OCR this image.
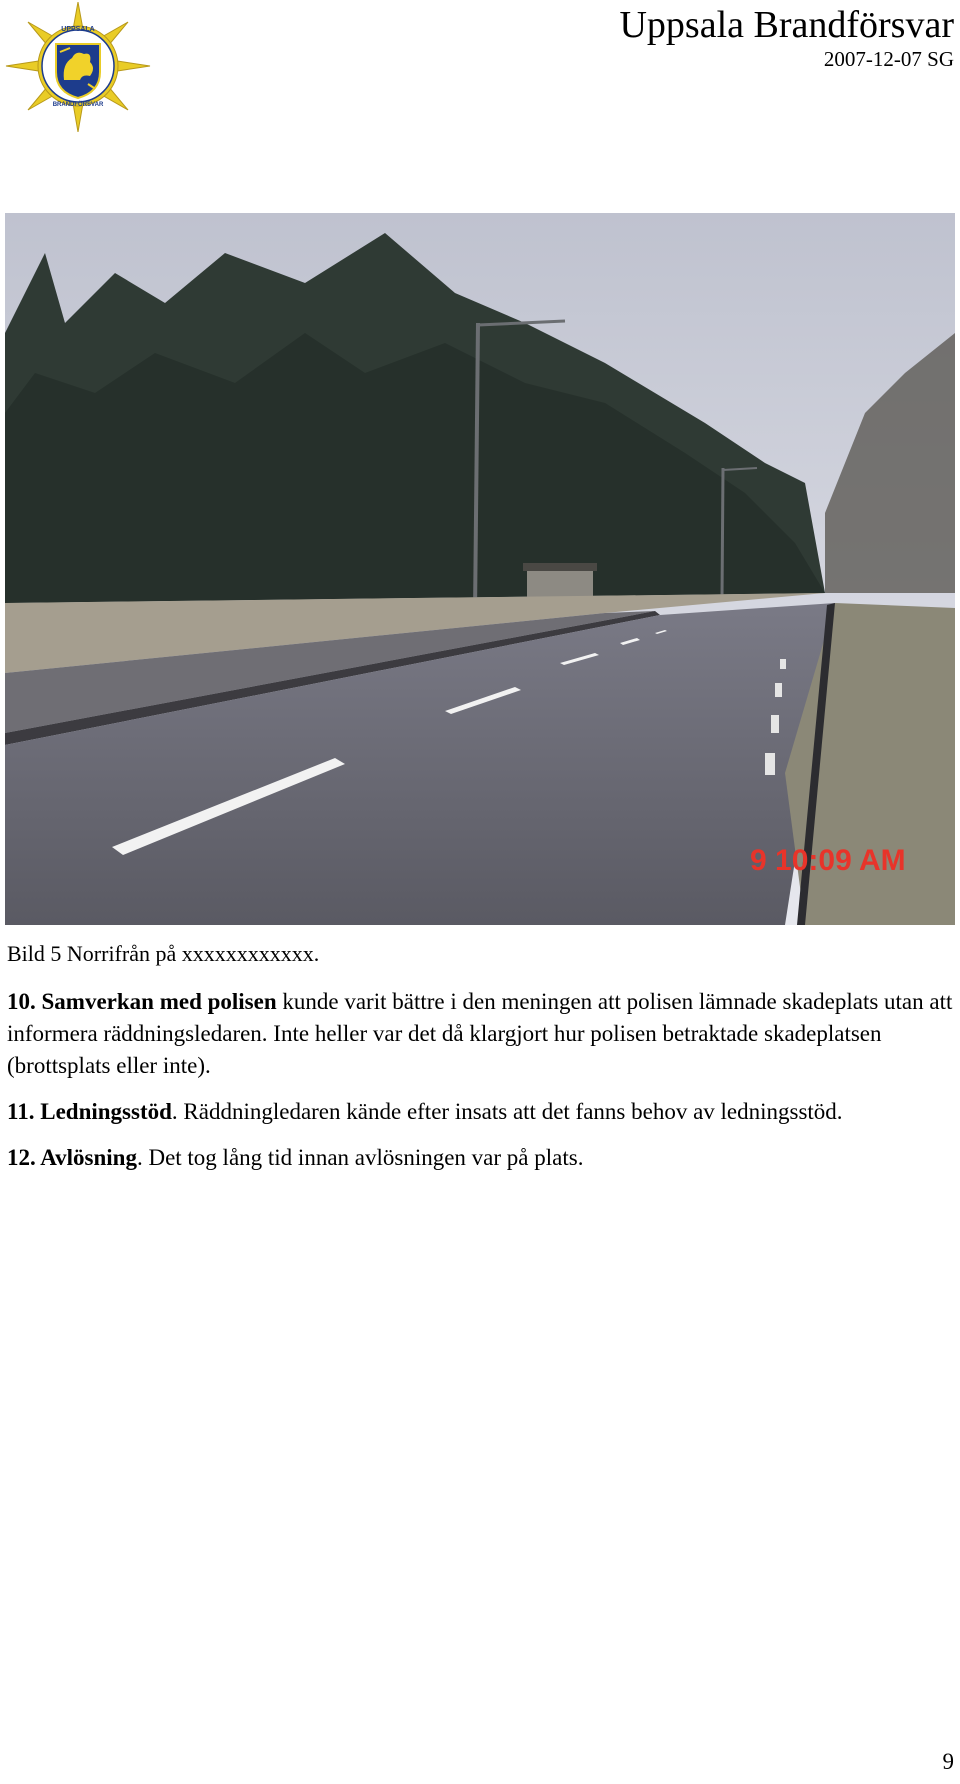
UPPSALA
BRANDFÖRSVAR
Uppsala Brandförsvar
2007-12-07 SG
9 10:09 AM
Bild 5 Norrifrån på xxxxxxxxxxxx.

10. Samverkan med polisen kunde varit bättre i den meningen att polisen lämnade skadeplats utan att informera räddningsledaren. Inte heller var det då klargjort hur polisen betraktade skadeplatsen (brottsplats eller inte).

11. Ledningsstöd. Räddningledaren kände efter insats att det fanns behov av ledningsstöd.

12. Avlösning. Det tog lång tid innan avlösningen var på plats.

9
